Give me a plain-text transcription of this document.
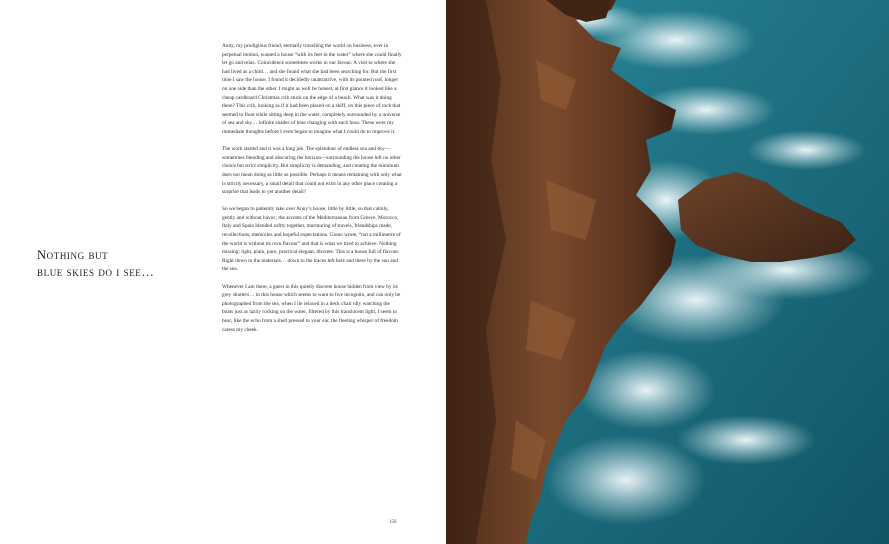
Nothing but
blue skies do i see…

Anny, my prodigious friend, eternally travelling the world on business, ever in perpetual motion, wanted a house “with its feet in the water” where she could finally let go and relax. Coincidence sometimes works in our favour. A visit to where she had lived as a child… and she found what she had been searching for. But the first time I saw the house, I found it decidedly unattractive, with its pointed roof, longer on one side than the other. I might as well be honest, at first glance it looked like a cheap cardboard Christmas crib stuck on the edge of a beach. What was it doing there? This crib, looking as if it had been placed on a skiff, on this piece of rock that seemed to float while sitting deep in the water, completely surrounded by a universe of sea and sky… infinite shades of blue changing with each hour. These were my immediate thoughts before I even began to imagine what I could do to improve it.

The work started and it was a long job. The splendour of endless sea and sky—sometimes blending and obscuring the horizon—surrounding the house left no other choice but strict simplicity. But simplicity is demanding, and creating the minimum does not mean doing as little as possible. Perhaps it means remaining with only what is strictly necessary, a small detail that could not exist in any other place creating a surprise that leads to yet another detail?

So we began to patiently take over Anny’s house, little by little, so that calmly, gently and without havoc, the accents of the Mediterranean from Greece, Morocco, Italy and Spain blended softly together, murmuring of travels, friendships made, recollections, memories and hopeful expectations. Giono wrote, “not a millimetre of the world is without its own flavour” and that is what we tried to achieve. Nothing missing: light, plain, pure, practical elegant, discrete. This is a house full of flavour. Right down to the materials… down to the traces left here and there by the sun and the sea.

Whenever I am there, a guest in this quietly discrete house hidden from view by its grey shutters… in this house which seems to want to live incognito, and can only be photographed from the sea, when I lie relaxed in a deck chair idly watching the boats just as lazily rocking on the water, filtered by this translucent light, I seem to hear, like the echo from a shell pressed to your ear, the fleeting whisper of freedom caress my cheek.

156
